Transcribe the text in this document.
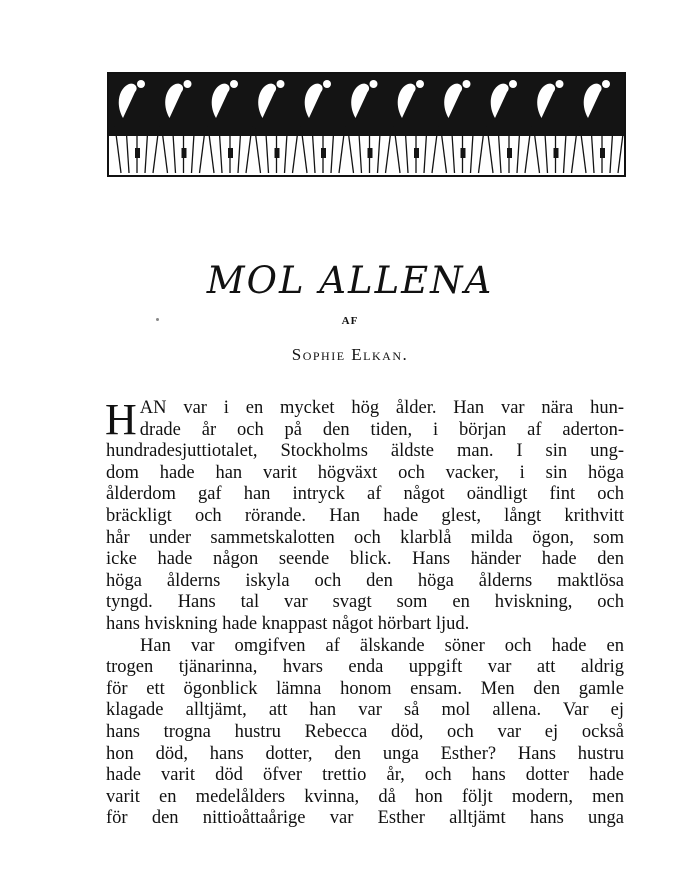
MOL ALLENA
AF
Sophie Elkan.
H AN var i en mycket hög ålder. Han var nära hun-
drade år och på den tiden, i början af aderton-
hundradesjuttiotalet, Stockholms äldste man. I sin ung-
dom hade han varit högväxt och vacker, i sin höga
ålderdom gaf han intryck af något oändligt fint och
bräckligt och rörande. Han hade glest, långt krithvitt
hår under sammetskalotten och klarblå milda ögon, som
icke hade någon seende blick. Hans händer hade den
höga ålderns iskyla och den höga ålderns maktlösa
tyngd. Hans tal var svagt som en hviskning, och
hans hviskning hade knappast något hörbart ljud.
Han var omgifven af älskande söner och hade en
trogen tjänarinna, hvars enda uppgift var att aldrig
för ett ögonblick lämna honom ensam. Men den gamle
klagade alltjämt, att han var så mol allena. Var ej
hans trogna hustru Rebecca död, och var ej också
hon död, hans dotter, den unga Esther? Hans hustru
hade varit död öfver trettio år, och hans dotter hade
varit en medelålders kvinna, då hon följt modern, men
för den nittioåttaårige var Esther alltjämt hans unga
